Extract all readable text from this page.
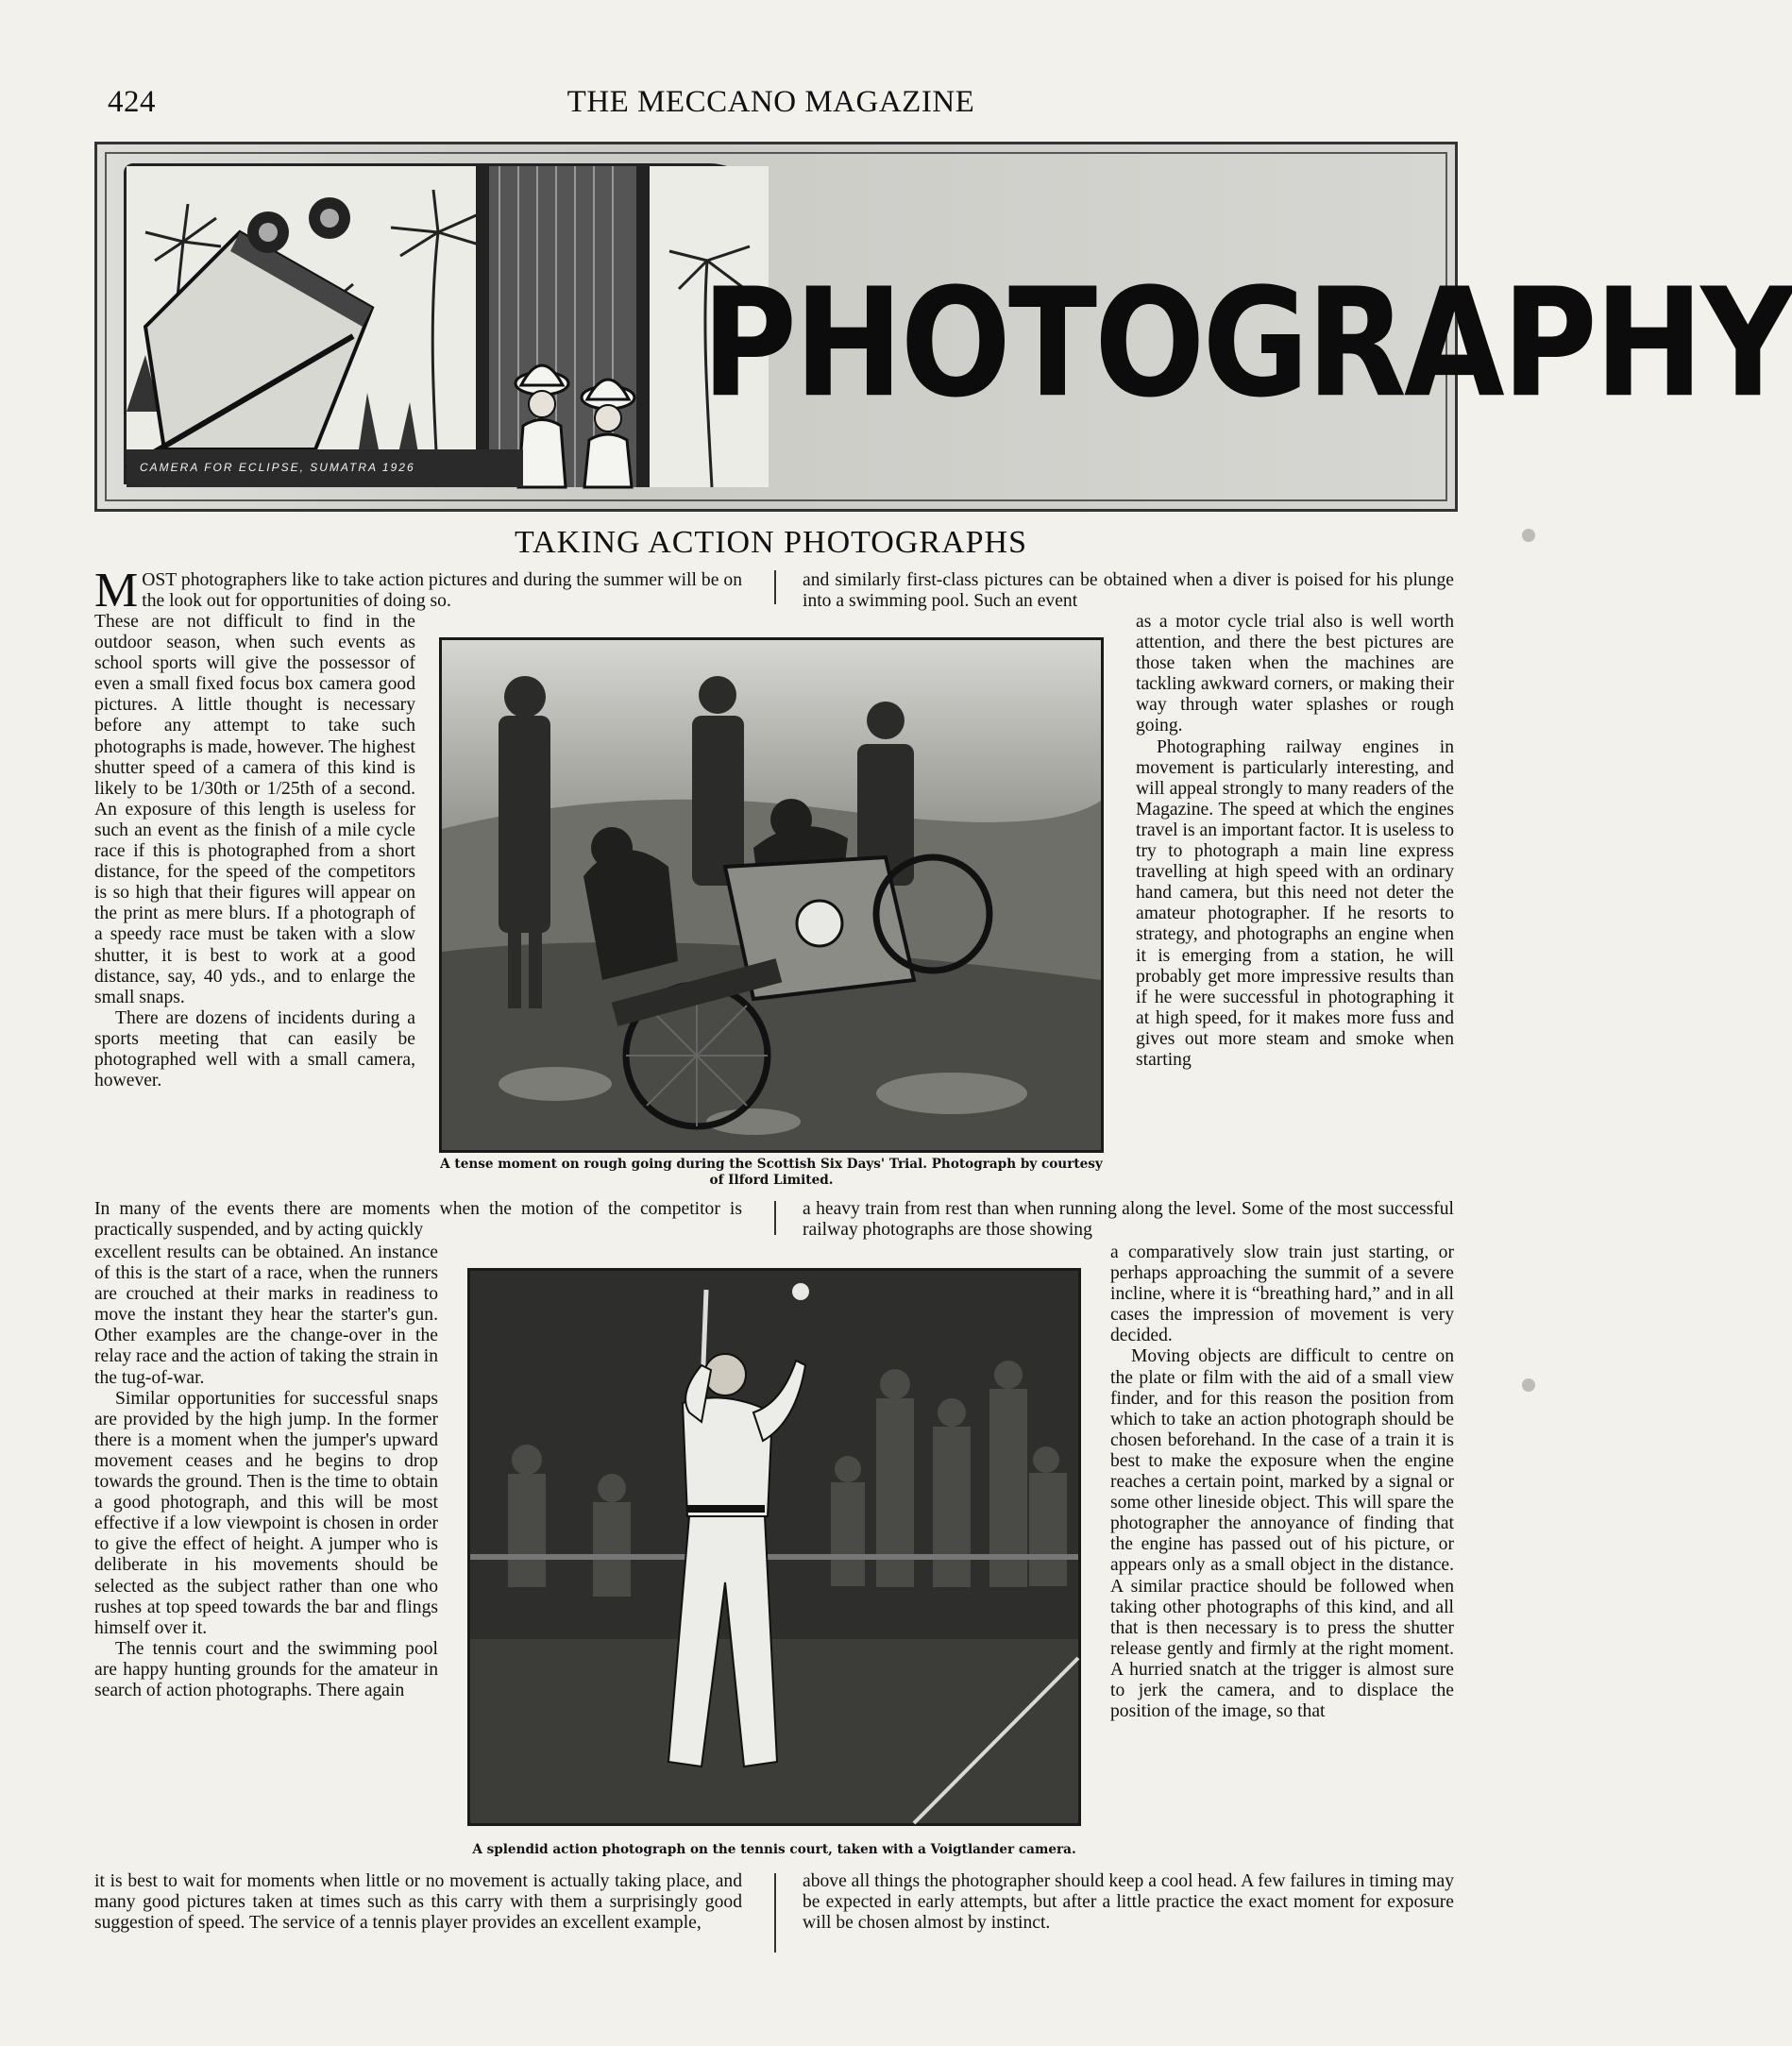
424	THE MECCANO MAGAZINE
CAMERA FOR ECLIPSE, SUMATRA 1926
PHOTOGRAPHY
TAKING ACTION PHOTOGRAPHS
MOST photographers like to take action pictures and during the summer will be on the look out for opportunities of doing so.
and similarly first-class pictures can be obtained when a diver is poised for his plunge into a swimming pool. Such an event

These are not difficult to find in the outdoor season, when such events as school sports will give the possessor of even a small fixed focus box camera good pictures. A little thought is necessary before any attempt to take such photographs is made, however. The highest shutter speed of a camera of this kind is likely to be 1/30th or 1/25th of a second. An exposure of this length is useless for such an event as the finish of a mile cycle race if this is photographed from a short distance, for the speed of the competitors is so high that their figures will appear on the print as mere blurs. If a photograph of a speedy race must be taken with a slow shutter, it is best to work at a good distance, say, 40 yds., and to enlarge the small snaps.

There are dozens of incidents during a sports meeting that can easily be photographed well with a small camera, however.

A tense moment on rough going during the Scottish Six Days' Trial. Photograph by courtesy of Ilford Limited.

as a motor cycle trial also is well worth attention, and there the best pictures are those taken when the machines are tackling awkward corners, or making their way through water splashes or rough going.

Photographing railway engines in movement is particularly interesting, and will appeal strongly to many readers of the Magazine. The speed at which the engines travel is an important factor. It is useless to try to photograph a main line express travelling at high speed with an ordinary hand camera, but this need not deter the amateur photographer. If he resorts to strategy, and photographs an engine when it is emerging from a station, he will probably get more impressive results than if he were successful in photographing it at high speed, for it makes more fuss and gives out more steam and smoke when starting

In many of the events there are moments when the motion of the competitor is practically suspended, and by acting quickly
a heavy train from rest than when running along the level. Some of the most successful railway photographs are those showing

excellent results can be obtained. An instance of this is the start of a race, when the runners are crouched at their marks in readiness to move the instant they hear the starter's gun. Other examples are the change-over in the relay race and the action of taking the strain in the tug-of-war.

Similar opportunities for successful snaps are provided by the high jump. In the former there is a moment when the jumper's upward movement ceases and he begins to drop towards the ground. Then is the time to obtain a good photograph, and this will be most effective if a low viewpoint is chosen in order to give the effect of height. A jumper who is deliberate in his movements should be selected as the subject rather than one who rushes at top speed towards the bar and flings himself over it.

The tennis court and the swimming pool are happy hunting grounds for the amateur in search of action photographs. There again

A splendid action photograph on the tennis court, taken with a Voigtlander camera.

a comparatively slow train just starting, or perhaps approaching the summit of a severe incline, where it is “breathing hard,” and in all cases the impression of movement is very decided.

Moving objects are difficult to centre on the plate or film with the aid of a small view finder, and for this reason the position from which to take an action photograph should be chosen beforehand. In the case of a train it is best to make the exposure when the engine reaches a certain point, marked by a signal or some other lineside object. This will spare the photographer the annoyance of finding that the engine has passed out of his picture, or appears only as a small object in the distance. A similar practice should be followed when taking other photographs of this kind, and all that is then necessary is to press the shutter release gently and firmly at the right moment. A hurried snatch at the trigger is almost sure to jerk the camera, and to displace the position of the image, so that

it is best to wait for moments when little or no movement is actually taking place, and many good pictures taken at times such as this carry with them a surprisingly good suggestion of speed. The service of a tennis player provides an excellent example,
above all things the photographer should keep a cool head. A few failures in timing may be expected in early attempts, but after a little practice the exact moment for exposure will be chosen almost by instinct.
